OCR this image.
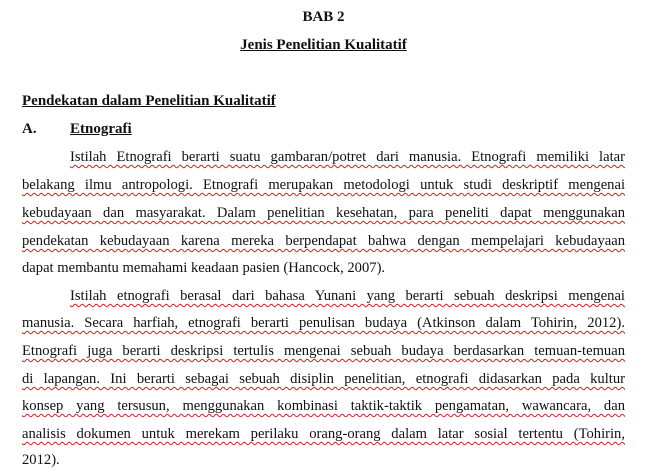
BAB 2
Jenis Penelitian Kualitatif
Pendekatan dalam Penelitian Kualitatif
A. Etnografi
Istilah Etnografi berarti suatu gambaran/potret dari manusia. Etnografi memiliki latar
belakang ilmu antropologi. Etnografi merupakan metodologi untuk studi deskriptif mengenai
kebudayaan dan masyarakat. Dalam penelitian kesehatan, para peneliti dapat menggunakan
pendekatan kebudayaan karena mereka berpendapat bahwa dengan mempelajari kebudayaan
dapat membantu memahami keadaan pasien (Hancock, 2007).
Istilah etnografi berasal dari bahasa Yunani yang berarti sebuah deskripsi mengenai
manusia. Secara harfiah, etnografi berarti penulisan budaya (Atkinson dalam Tohirin, 2012).
Etnografi juga berarti deskripsi tertulis mengenai sebuah budaya berdasarkan temuan-temuan
di lapangan. Ini berarti sebagai sebuah disiplin penelitian, etnografi didasarkan pada kultur
konsep yang tersusun, menggunakan kombinasi taktik-taktik pengamatan, wawancara, dan
analisis dokumen untuk merekam perilaku orang-orang dalam latar sosial tertentu (Tohirin,
2012).
